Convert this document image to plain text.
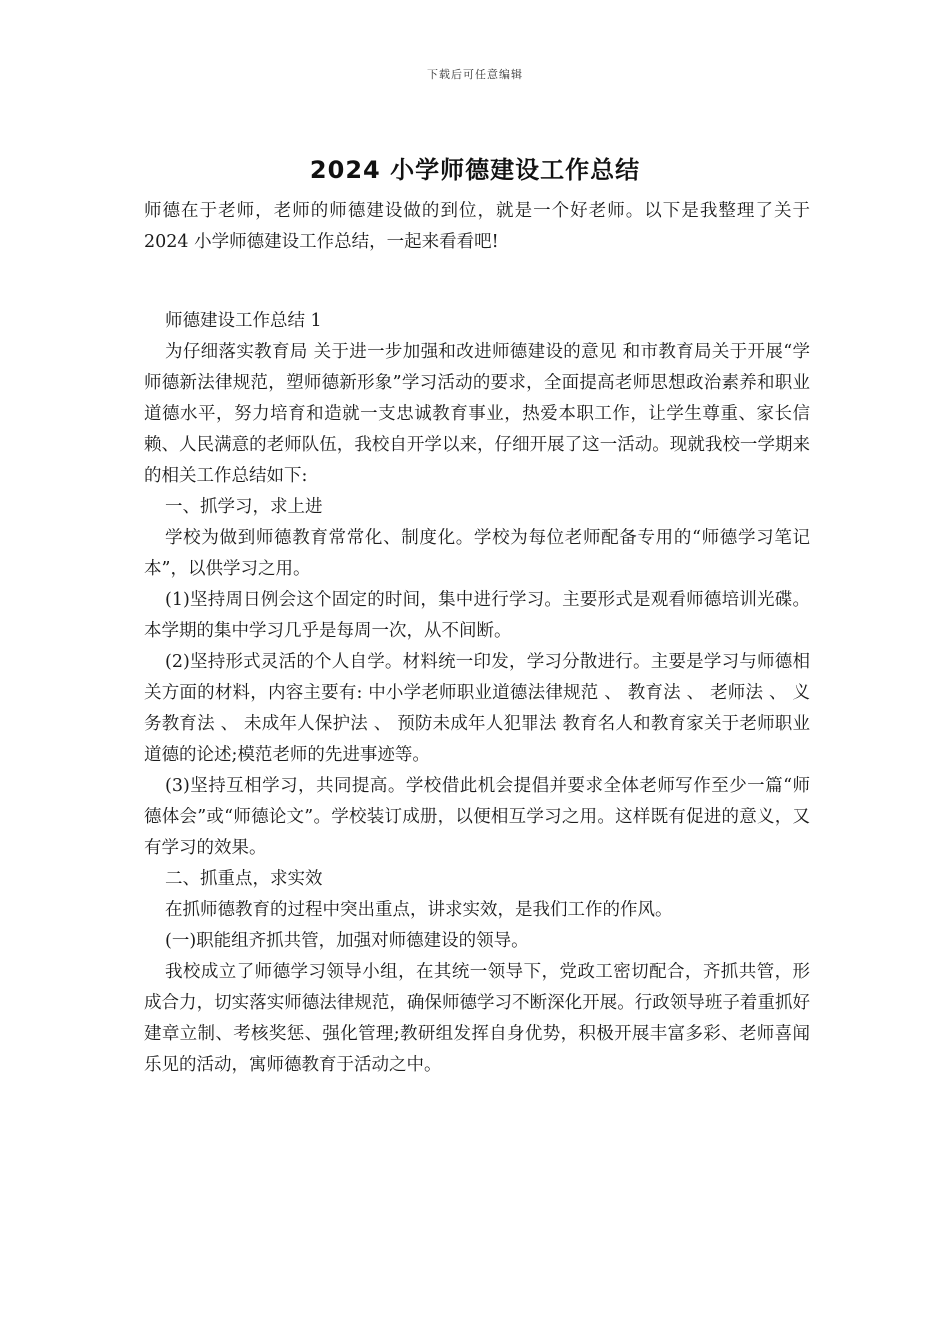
下载后可任意编辑
2024 小学师德建设工作总结

师德在于老师，老师的师德建设做的到位，就是一个好老师。以下是我整理了关于 2024 小学师德建设工作总结，一起来看看吧!

师德建设工作总结 1

为仔细落实教育局 关于进一步加强和改进师德建设的意见 和市教育局关于开展“学师德新法律规范，塑师德新形象”学习活动的要求，全面提高老师思想政治素养和职业道德水平，努力培育和造就一支忠诚教育事业，热爱本职工作，让学生尊重、家长信赖、人民满意的老师队伍，我校自开学以来，仔细开展了这一活动。现就我校一学期来的相关工作总结如下:

一、抓学习，求上进

学校为做到师德教育常常化、制度化。学校为每位老师配备专用的“师德学习笔记本”，以供学习之用。

(1)坚持周日例会这个固定的时间，集中进行学习。主要形式是观看师德培训光碟。本学期的集中学习几乎是每周一次，从不间断。

(2)坚持形式灵活的个人自学。材料统一印发，学习分散进行。主要是学习与师德相关方面的材料，内容主要有: 中小学老师职业道德法律规范 、 教育法 、 老师法 、 义务教育法 、 未成年人保护法 、 预防未成年人犯罪法 教育名人和教育家关于老师职业道德的论述;模范老师的先进事迹等。

(3)坚持互相学习，共同提高。学校借此机会提倡并要求全体老师写作至少一篇“师德体会”或“师德论文”。学校装订成册，以便相互学习之用。这样既有促进的意义，又有学习的效果。

二、抓重点，求实效

在抓师德教育的过程中突出重点，讲求实效，是我们工作的作风。

(一)职能组齐抓共管，加强对师德建设的领导。

我校成立了师德学习领导小组，在其统一领导下，党政工密切配合，齐抓共管，形成合力，切实落实师德法律规范，确保师德学习不断深化开展。行政领导班子着重抓好建章立制、考核奖惩、强化管理;教研组发挥自身优势，积极开展丰富多彩、老师喜闻乐见的活动，寓师德教育于活动之中。
